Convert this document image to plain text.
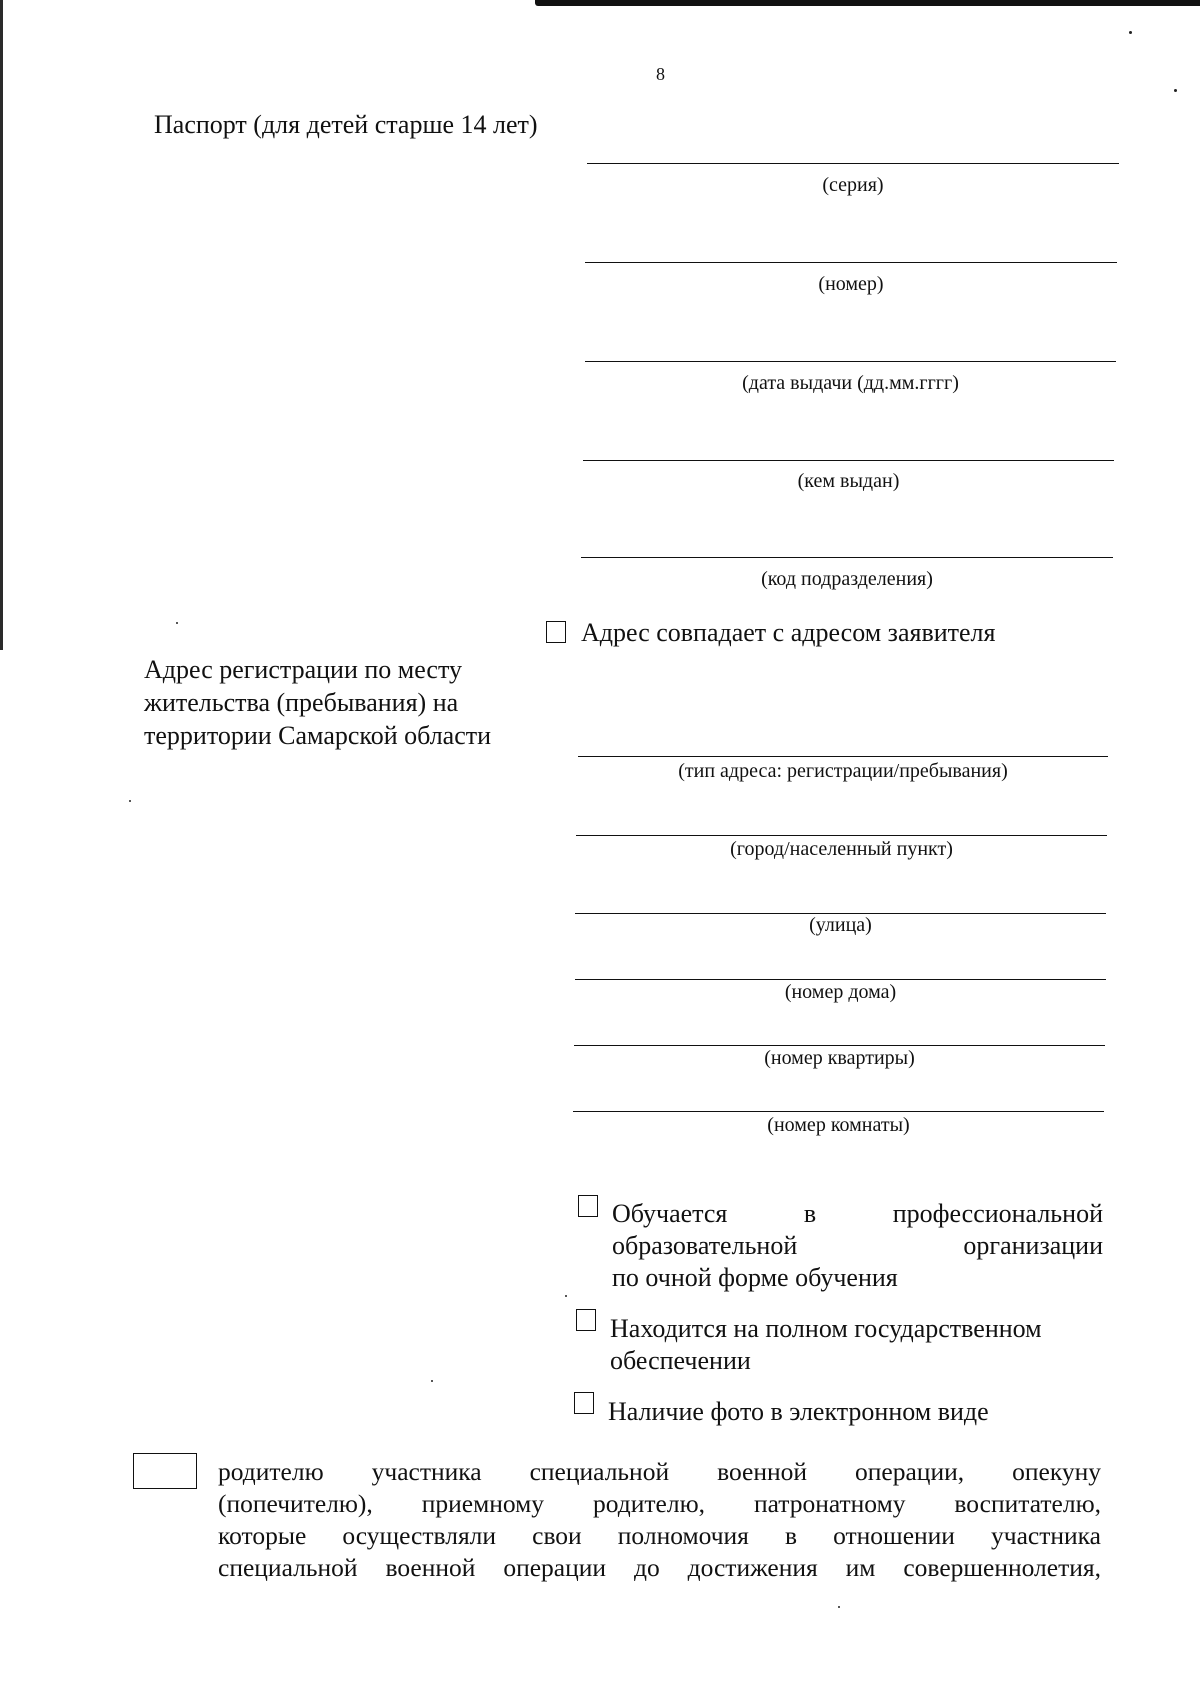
8
Паспорт (для детей старше 14 лет)
(серия)
(номер)
(дата выдачи (дд.мм.гггг)
(кем выдан)
(код подразделения)
Адрес совпадает с адресом заявителя
Адрес регистрации по месту
жительства (пребывания) на
территории Самарской области
(тип адреса: регистрации/пребывания)
(город/населенный пункт)
(улица)
(номер дома)
(номер квартиры)
(номер комнаты)
Обучается в профессиональной
образовательной организации
по очной форме обучения
Находится на полном государственном
обеспечении
Наличие фото в электронном виде
родителю участника специальной военной операции, опекуну
(попечителю), приемному родителю, патронатному воспитателю,
которые осуществляли свои полномочия в отношении участника
специальной военной операции до достижения им совершеннолетия,
